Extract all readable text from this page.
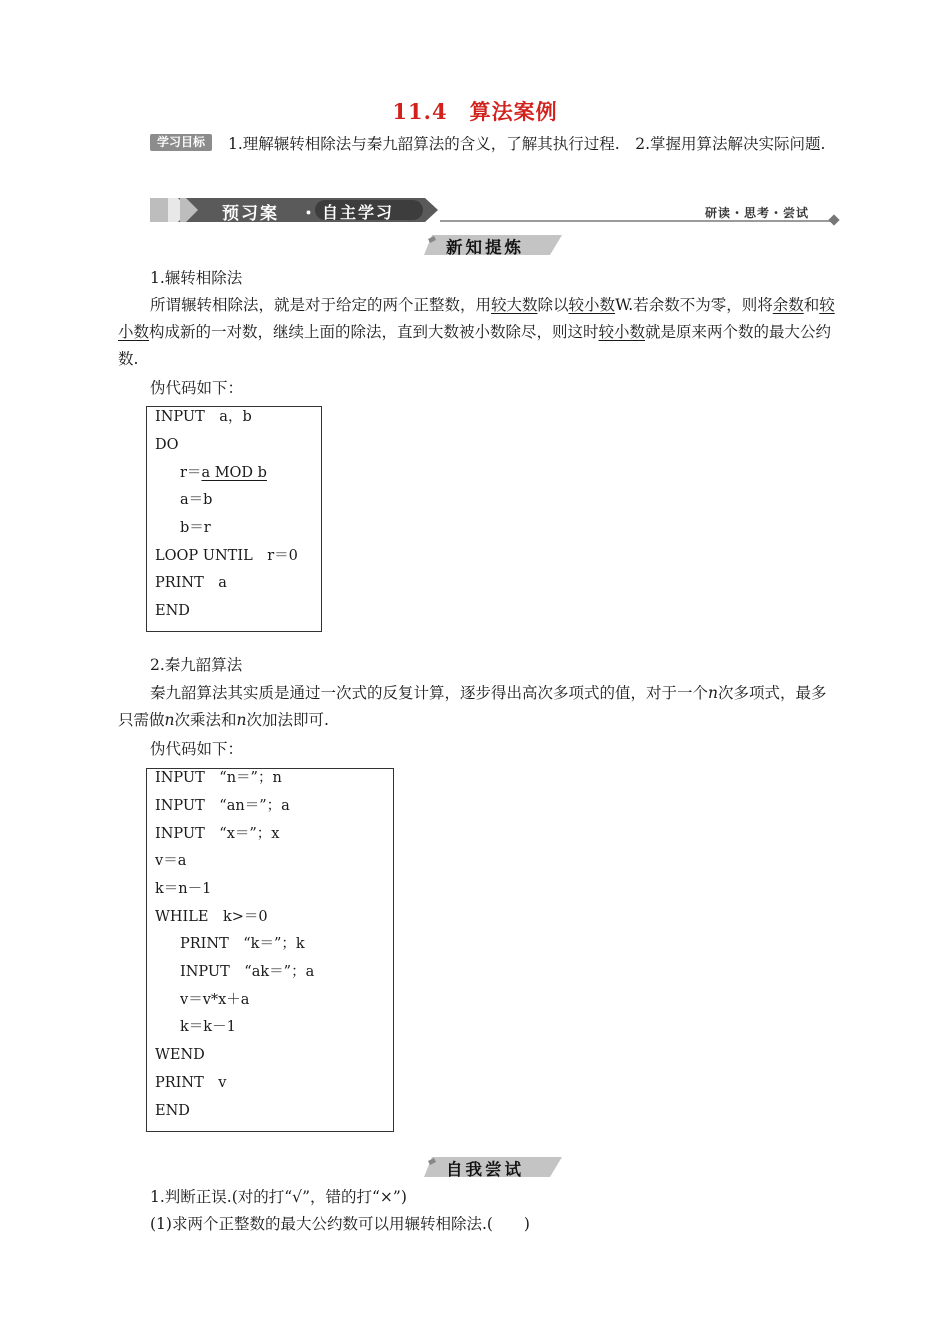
11.4　算法案例
学习目标	1.理解辗转相除法与秦九韶算法的含义，了解其执行过程.　2.掌握用算法解决实际问题.
预习案 ・ 自主学习	研读・思考・尝试
新知提炼
1.辗转相除法
所谓辗转相除法，就是对于给定的两个正整数，用较大数除以较小数W.若余数不为零，则将余数和较小数构成新的一对数，继续上面的除法，直到大数被小数除尽，则这时较小数就是原来两个数的最大公约数.
伪代码如下：
INPUT　a，b
DO
r＝a MOD b
a＝b
b＝r
LOOP UNTIL　r＝0
PRINT　a
END
2.秦九韶算法
秦九韶算法其实质是通过一次式的反复计算，逐步得出高次多项式的值，对于一个n次多项式，最多只需做n次乘法和n次加法即可.
伪代码如下：
INPUT　“n＝”；n
INPUT　“an＝”；a
INPUT　“x＝”；x
v＝a
k＝n－1
WHILE　k>＝0
PRINT　“k＝”；k
INPUT　“ak＝”；a
v＝v*x＋a
k＝k－1
WEND
PRINT　v
END
自我尝试
1.判断正误.(对的打“√”，错的打“×”)
(1)求两个正整数的最大公约数可以用辗转相除法.(　　)
